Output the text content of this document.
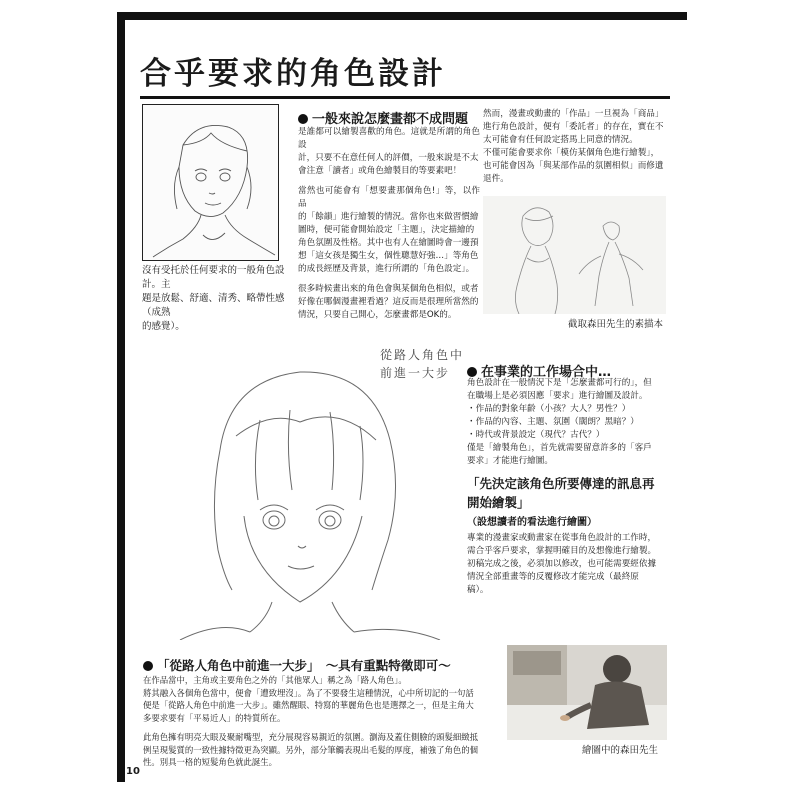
合乎要求的角色設計
沒有受托於任何要求的一般角色設計。主
題是放鬆、舒適、清秀、略帶性感（成熟
的感覺）。
一般來說怎麼畫都不成問題

是誰都可以繪製喜歡的角色。這就是所謂的角色設
計，只要不在意任何人的評價，一般來說是不太
會注意「讀者」或角色繪製目的等要素吧！

當然也可能會有「想要畫那個角色!」等，以作品
的「餘韻」進行繪製的情況。當你也來做習慣繪
圖時，便可能會開始設定「主題」，決定描繪的
角色氛圍及性格。其中也有人在繪圖時會一邊預
想「這女孩是獨生女，個性聰慧好強…」等角色
的成長經歷及背景，進行所謂的「角色設定」。

很多時候畫出來的角色會與某個角色相似，或者
好像在哪個漫畫裡看過？這反而是很理所當然的
情況，只要自己開心，怎麼畫都是OK的。

然而，漫畫或動畫的「作品」一旦視為「商品」
進行角色設計，便有「委託者」的存在，實在不
太可能會有任何設定搭馬上同意的情況。
不僅可能會要求你「模仿某個角色進行繪製」，
也可能會因為「與某部作品的氛圍相似」而修遺
退件。

截取森田先生的素描本
從路人角色中
前進一大步	在事業的工作場合中…
角色設計在一般情況下是「怎麼畫都可行的」，但
在職場上是必須因應「要求」進行繪圖及設計。
・作品的對象年齡（小孩？大人？男性？）
・作品的內容、主題、氛圍（闊朗？黑暗？）
・時代或背景設定（現代？古代？）
僅是「繪製角色」，首先就需要留意許多的「客戶
要求」才能進行繪圖。
「先決定該角色所要傳達的訊息再
開始繪製」
（設想讀者的看法進行繪圖）
專業的漫畫家或動畫家在從事角色設計的工作時，
需合乎客戶要求，掌握明確目的及想像進行繪製。
初稿完成之後，必須加以修改，也可能需要經依據
情況全部重畫等的反覆修改才能完成（最終原
稿）。
「從路人角色中前進一大步」　～具有重點特徵即可～

在作品當中，主角或主要角色之外的「其他眾人」稱之為「路人角色」。
將其融入各個角色當中，便會「遭致埋沒」。為了不要發生這種情況，心中所切記的一句話
便是「從路人角色中前進一大步」。雖然醒眼、特寫的華麗角色也是選擇之一，但是主角大
多要求要有「平易近人」的特質所在。

此角色擁有明亮大眼及聚耐嘴型，充分展現容易親近的氛圍。瀏海及蓋住側臉的頭髮細緻抵
例呈現髮質的一致性據特徵更為突顯。另外，部分筆觸表現出毛髮的厚度，補強了角色的個
性。別具一格的短髮角色就此誕生。

繪圖中的森田先生
10
